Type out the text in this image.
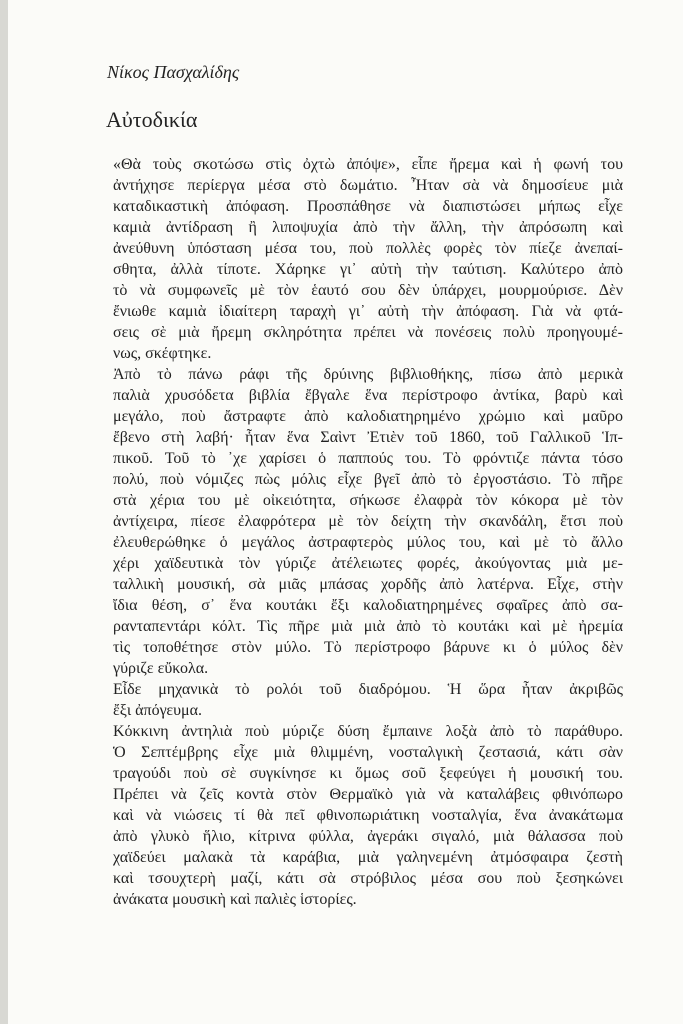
Νίκος Πασχαλίδης
Αὐτοδικία
«Θὰ τοὺς σκοτώσω στὶς ὀχτὼ ἀπόψε», εἶπε ἤρεμα καὶ ἡ φωνή του
ἀντήχησε περίεργα μέσα στὸ δωμάτιο. Ἦταν σὰ νὰ δημοσίευε μιὰ
καταδικαστικὴ ἀπόφαση. Προσπάθησε νὰ διαπιστώσει μήπως εἶχε
καμιὰ ἀντίδραση ἢ λιποψυχία ἀπὸ τὴν ἄλλη, τὴν ἀπρόσωπη καὶ
ἀνεύθυνη ὑπόσταση μέσα του, ποὺ πολλὲς φορὲς τὸν πίεζε ἀνεπαί-
σθητα, ἀλλὰ τίποτε. Χάρηκε γι᾿ αὐτὴ τὴν ταύτιση. Καλύτερο ἀπὸ
τὸ νὰ συμφωνεῖς μὲ τὸν ἑαυτό σου δὲν ὑπάρχει, μουρμούρισε. Δὲν
ἔνιωθε καμιὰ ἰδιαίτερη ταραχὴ γι᾿ αὐτὴ τὴν ἀπόφαση. Γιὰ νὰ φτά-
σεις σὲ μιὰ ἤρεμη σκληρότητα πρέπει νὰ πονέσεις πολὺ προηγουμέ-
νως, σκέφτηκε.
Ἀπὸ τὸ πάνω ράφι τῆς δρύινης βιβλιοθήκης, πίσω ἀπὸ μερικὰ
παλιὰ χρυσόδετα βιβλία ἔβγαλε ἕνα περίστροφο ἀντίκα, βαρὺ καὶ
μεγάλο, ποὺ ἄστραφτε ἀπὸ καλοδιατηρημένο χρώμιο καὶ μαῦρο
ἔβενο στὴ λαβή· ἦταν ἕνα Σαὶντ Ἐτιὲν τοῦ 1860, τοῦ Γαλλικοῦ Ἱπ-
πικοῦ. Τοῦ τὸ ᾽χε χαρίσει ὁ παππούς του. Τὸ φρόντιζε πάντα τόσο
πολύ, ποὺ νόμιζες πὼς μόλις εἶχε βγεῖ ἀπὸ τὸ ἐργοστάσιο. Τὸ πῆρε
στὰ χέρια του μὲ οἰκειότητα, σήκωσε ἐλαφρὰ τὸν κόκορα μὲ τὸν
ἀντίχειρα, πίεσε ἐλαφρότερα μὲ τὸν δείχτη τὴν σκανδάλη, ἔτσι ποὺ
ἐλευθερώθηκε ὁ μεγάλος ἀστραφτερὸς μύλος του, καὶ μὲ τὸ ἄλλο
χέρι χαϊδευτικὰ τὸν γύριζε ἀτέλειωτες φορές, ἀκούγοντας μιὰ με-
ταλλικὴ μουσική, σὰ μιᾶς μπάσας χορδῆς ἀπὸ λατέρνα. Εἶχε, στὴν
ἴδια θέση, σ᾿ ἕνα κουτάκι ἔξι καλοδιατηρημένες σφαῖρες ἀπὸ σα-
ρανταπεντάρι κόλτ. Τὶς πῆρε μιὰ μιὰ ἀπὸ τὸ κουτάκι καὶ μὲ ἠρεμία
τὶς τοποθέτησε στὸν μύλο. Τὸ περίστροφο βάρυνε κι ὁ μύλος δὲν
γύριζε εὔκολα.
Εἶδε μηχανικὰ τὸ ρολόι τοῦ διαδρόμου. Ἡ ὥρα ἦταν ἀκριβῶς
ἔξι ἀπόγευμα.
Κόκκινη ἀντηλιὰ ποὺ μύριζε δύση ἔμπαινε λοξὰ ἀπὸ τὸ παράθυρο.
Ὁ Σεπτέμβρης εἶχε μιὰ θλιμμένη, νοσταλγικὴ ζεστασιά, κάτι σὰν
τραγούδι ποὺ σὲ συγκίνησε κι ὅμως σοῦ ξεφεύγει ἡ μουσική του.
Πρέπει νὰ ζεῖς κοντὰ στὸν Θερμαϊκὸ γιὰ νὰ καταλάβεις φθινόπωρο
καὶ νὰ νιώσεις τί θὰ πεῖ φθινοπωριάτικη νοσταλγία, ἕνα ἀνακάτωμα
ἀπὸ γλυκὸ ἥλιο, κίτρινα φύλλα, ἀγεράκι σιγαλό, μιὰ θάλασσα ποὺ
χαϊδεύει μαλακὰ τὰ καράβια, μιὰ γαληνεμένη ἀτμόσφαιρα ζεστὴ
καὶ τσουχτερὴ μαζί, κάτι σὰ στρόβιλος μέσα σου ποὺ ξεσηκώνει
ἀνάκατα μουσικὴ καὶ παλιὲς ἱστορίες.
